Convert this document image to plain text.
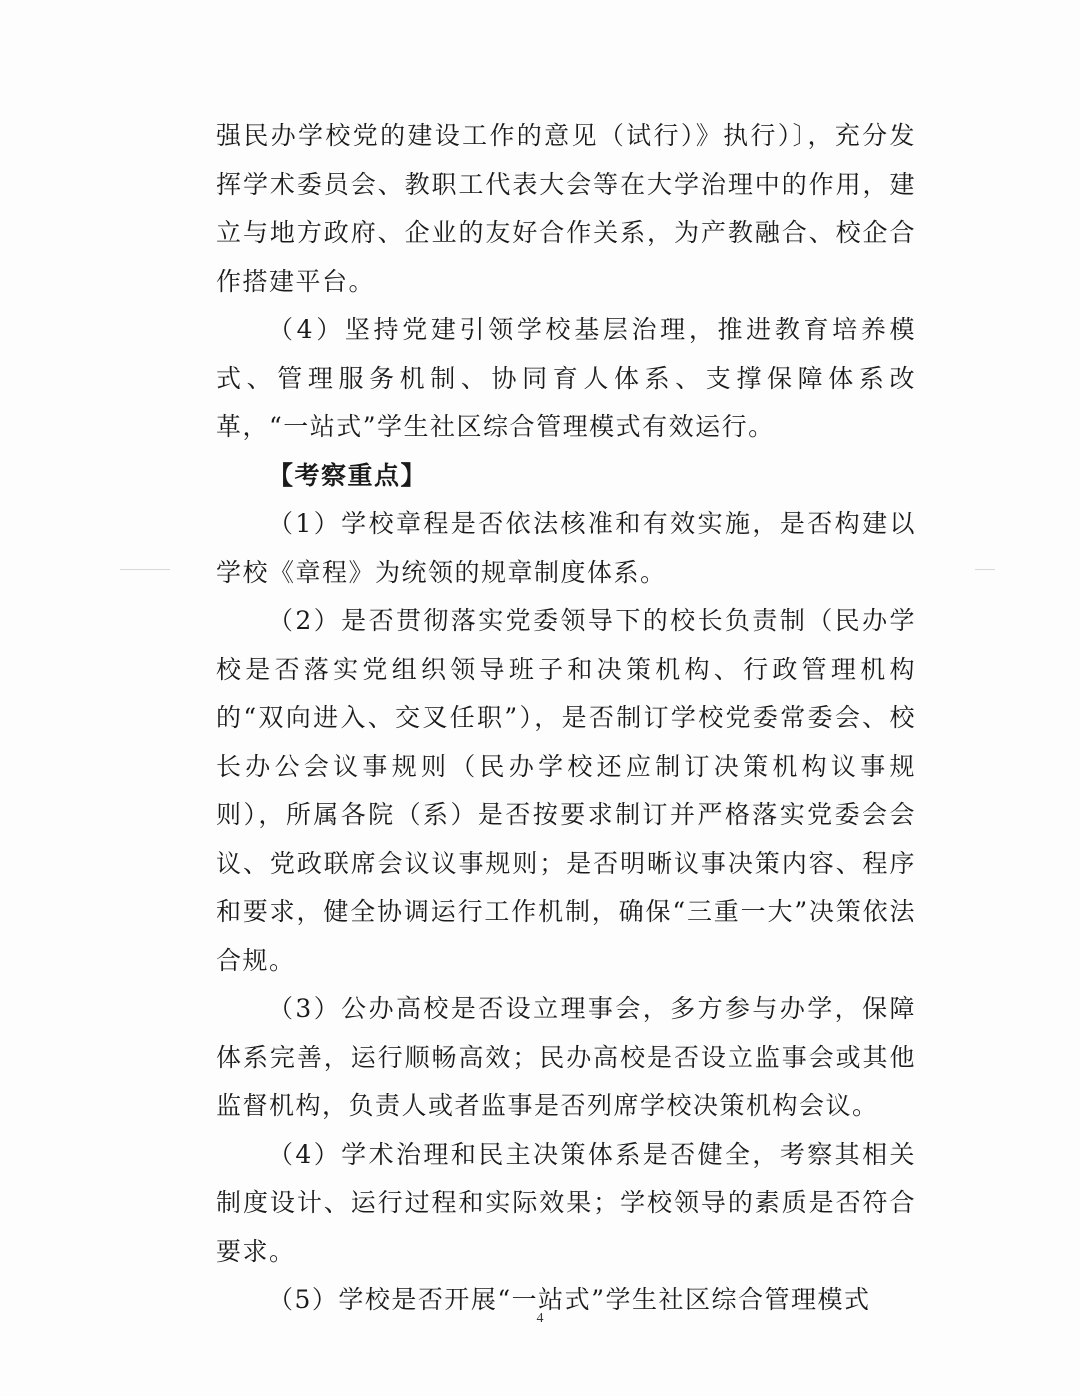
强民办学校党的建设工作的意见（试行）》执行）〕，充分发挥学术委员会、教职工代表大会等在大学治理中的作用，建立与地方政府、企业的友好合作关系，为产教融合、校企合作搭建平台。

（4）坚持党建引领学校基层治理，推进教育培养模式、管理服务机制、协同育人体系、支撑保障体系改革，“一站式”学生社区综合管理模式有效运行。

【考察重点】

（1）学校章程是否依法核准和有效实施，是否构建以学校《章程》为统领的规章制度体系。

（2）是否贯彻落实党委领导下的校长负责制（民办学校是否落实党组织领导班子和决策机构、行政管理机构的“双向进入、交叉任职”），是否制订学校党委常委会、校长办公会议事规则（民办学校还应制订决策机构议事规则），所属各院（系）是否按要求制订并严格落实党委会会议、党政联席会议议事规则；是否明晰议事决策内容、程序和要求，健全协调运行工作机制，确保“三重一大”决策依法合规。

（3）公办高校是否设立理事会，多方参与办学，保障体系完善，运行顺畅高效；民办高校是否设立监事会或其他监督机构，负责人或者监事是否列席学校决策机构会议。

（4）学术治理和民主决策体系是否健全，考察其相关制度设计、运行过程和实际效果；学校领导的素质是否符合要求。

（5）学校是否开展“一站式”学生社区综合管理模式

4
